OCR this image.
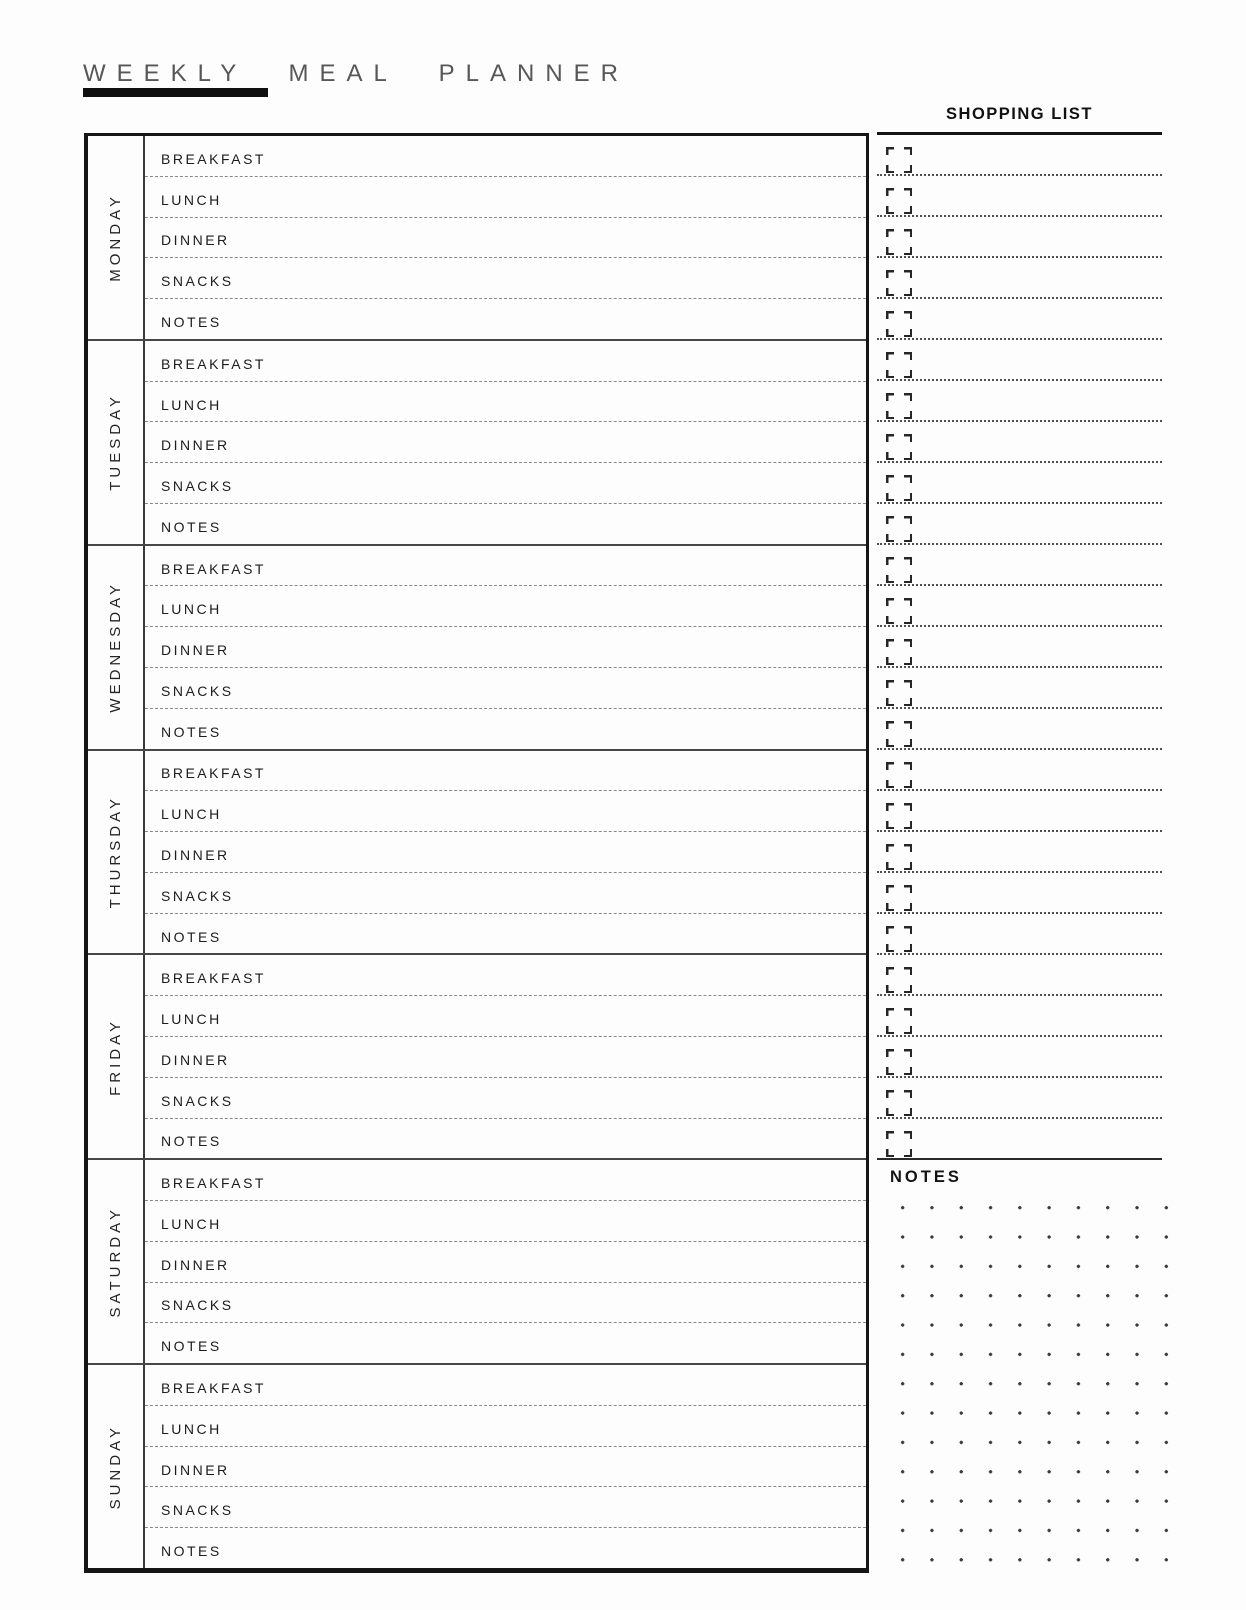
WEEKLY MEAL PLANNER
MONDAY
BREAKFAST
LUNCH
DINNER
SNACKS
NOTES
TUESDAY
BREAKFAST
LUNCH
DINNER
SNACKS
NOTES
WEDNESDAY
BREAKFAST
LUNCH
DINNER
SNACKS
NOTES
THURSDAY
BREAKFAST
LUNCH
DINNER
SNACKS
NOTES
FRIDAY
BREAKFAST
LUNCH
DINNER
SNACKS
NOTES
SATURDAY
BREAKFAST
LUNCH
DINNER
SNACKS
NOTES
SUNDAY
BREAKFAST
LUNCH
DINNER
SNACKS
NOTES
SHOPPING LIST
NOTES
